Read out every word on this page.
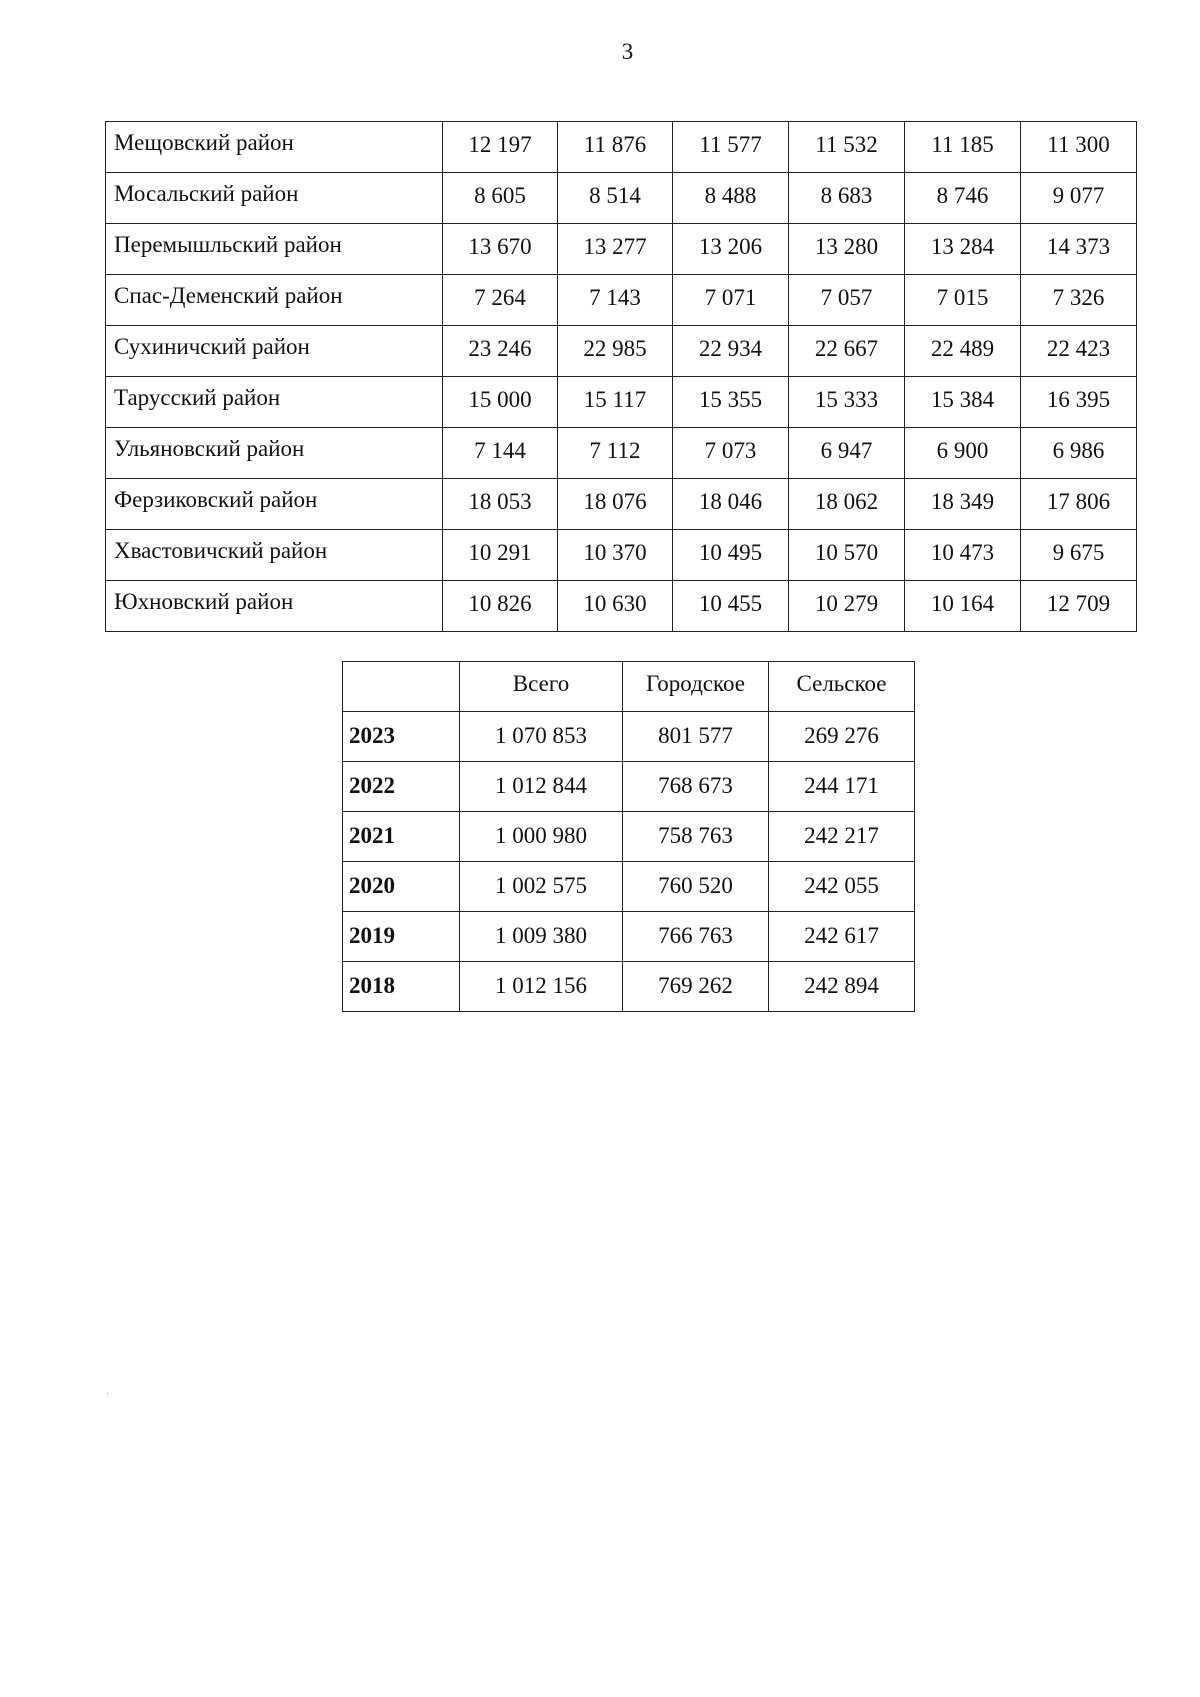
3
Мещовский район	12 197	11 876	11 577	11 532	11 185	11 300
Мосальский район	8 605	8 514	8 488	8 683	8 746	9 077
Перемышльский район	13 670	13 277	13 206	13 280	13 284	14 373
Спас-Деменский район	7 264	7 143	7 071	7 057	7 015	7 326
Сухиничский район	23 246	22 985	22 934	22 667	22 489	22 423
Тарусский район	15 000	15 117	15 355	15 333	15 384	16 395
Ульяновский район	7 144	7 112	7 073	6 947	6 900	6 986
Ферзиковский район	18 053	18 076	18 046	18 062	18 349	17 806
Хвастовичский район	10 291	10 370	10 495	10 570	10 473	9 675
Юхновский район	10 826	10 630	10 455	10 279	10 164	12 709
	Всего	Городское	Сельское
2023	1 070 853	801 577	269 276
2022	1 012 844	768 673	244 171
2021	1 000 980	758 763	242 217
2020	1 002 575	760 520	242 055
2019	1 009 380	766 763	242 617
2018	1 012 156	769 262	242 894
